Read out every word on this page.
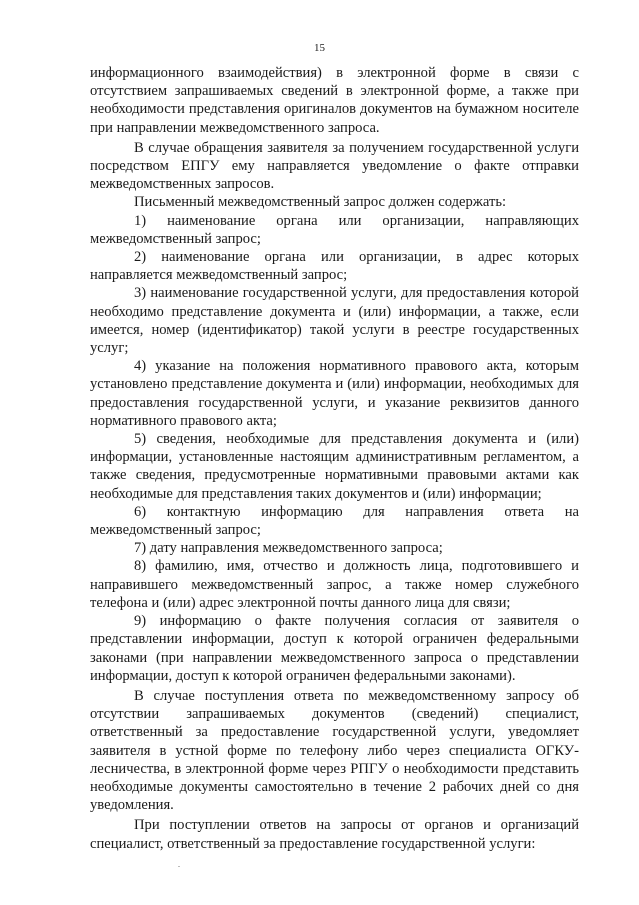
15

информационного взаимодействия) в электронной форме в связи с отсутствием запрашиваемых сведений в электронной форме, а также при необходимости представления оригиналов документов на бумажном носителе при направлении межведомственного запроса.

В случае обращения заявителя за получением государственной услуги посредством ЕПГУ ему направляется уведомление о факте отправки межведомственных запросов.

Письменный межведомственный запрос должен содержать:

1) наименование органа или организации, направляющих межведомственный запрос;

2) наименование органа или организации, в адрес которых направляется межведомственный запрос;

3) наименование государственной услуги, для предоставления которой необходимо представление документа и (или) информации, а также, если имеется, номер (идентификатор) такой услуги в реестре государственных услуг;

4) указание на положения нормативного правового акта, которым установлено представление документа и (или) информации, необходимых для предоставления государственной услуги, и указание реквизитов данного нормативного правового акта;

5) сведения, необходимые для представления документа и (или) информации, установленные настоящим административным регламентом, а также сведения, предусмотренные нормативными правовыми актами как необходимые для представления таких документов и (или) информации;

6) контактную информацию для направления ответа на межведомственный запрос;

7) дату направления межведомственного запроса;

8) фамилию, имя, отчество и должность лица, подготовившего и направившего межведомственный запрос, а также номер служебного телефона и (или) адрес электронной почты данного лица для связи;

9) информацию о факте получения согласия от заявителя о представлении информации, доступ к которой ограничен федеральными законами (при направлении межведомственного запроса о представлении информации, доступ к которой ограничен федеральными законами).

В случае поступления ответа по межведомственному запросу об отсутствии запрашиваемых документов (сведений) специалист, ответственный за предоставление государственной услуги, уведомляет заявителя в устной форме по телефону либо через специалиста ОГКУ-лесничества, в электронной форме через РПГУ о необходимости представить необходимые документы самостоятельно в течение 2 рабочих дней со дня уведомления.

При поступлении ответов на запросы от органов и организаций специалист, ответственный за предоставление государственной услуги:
